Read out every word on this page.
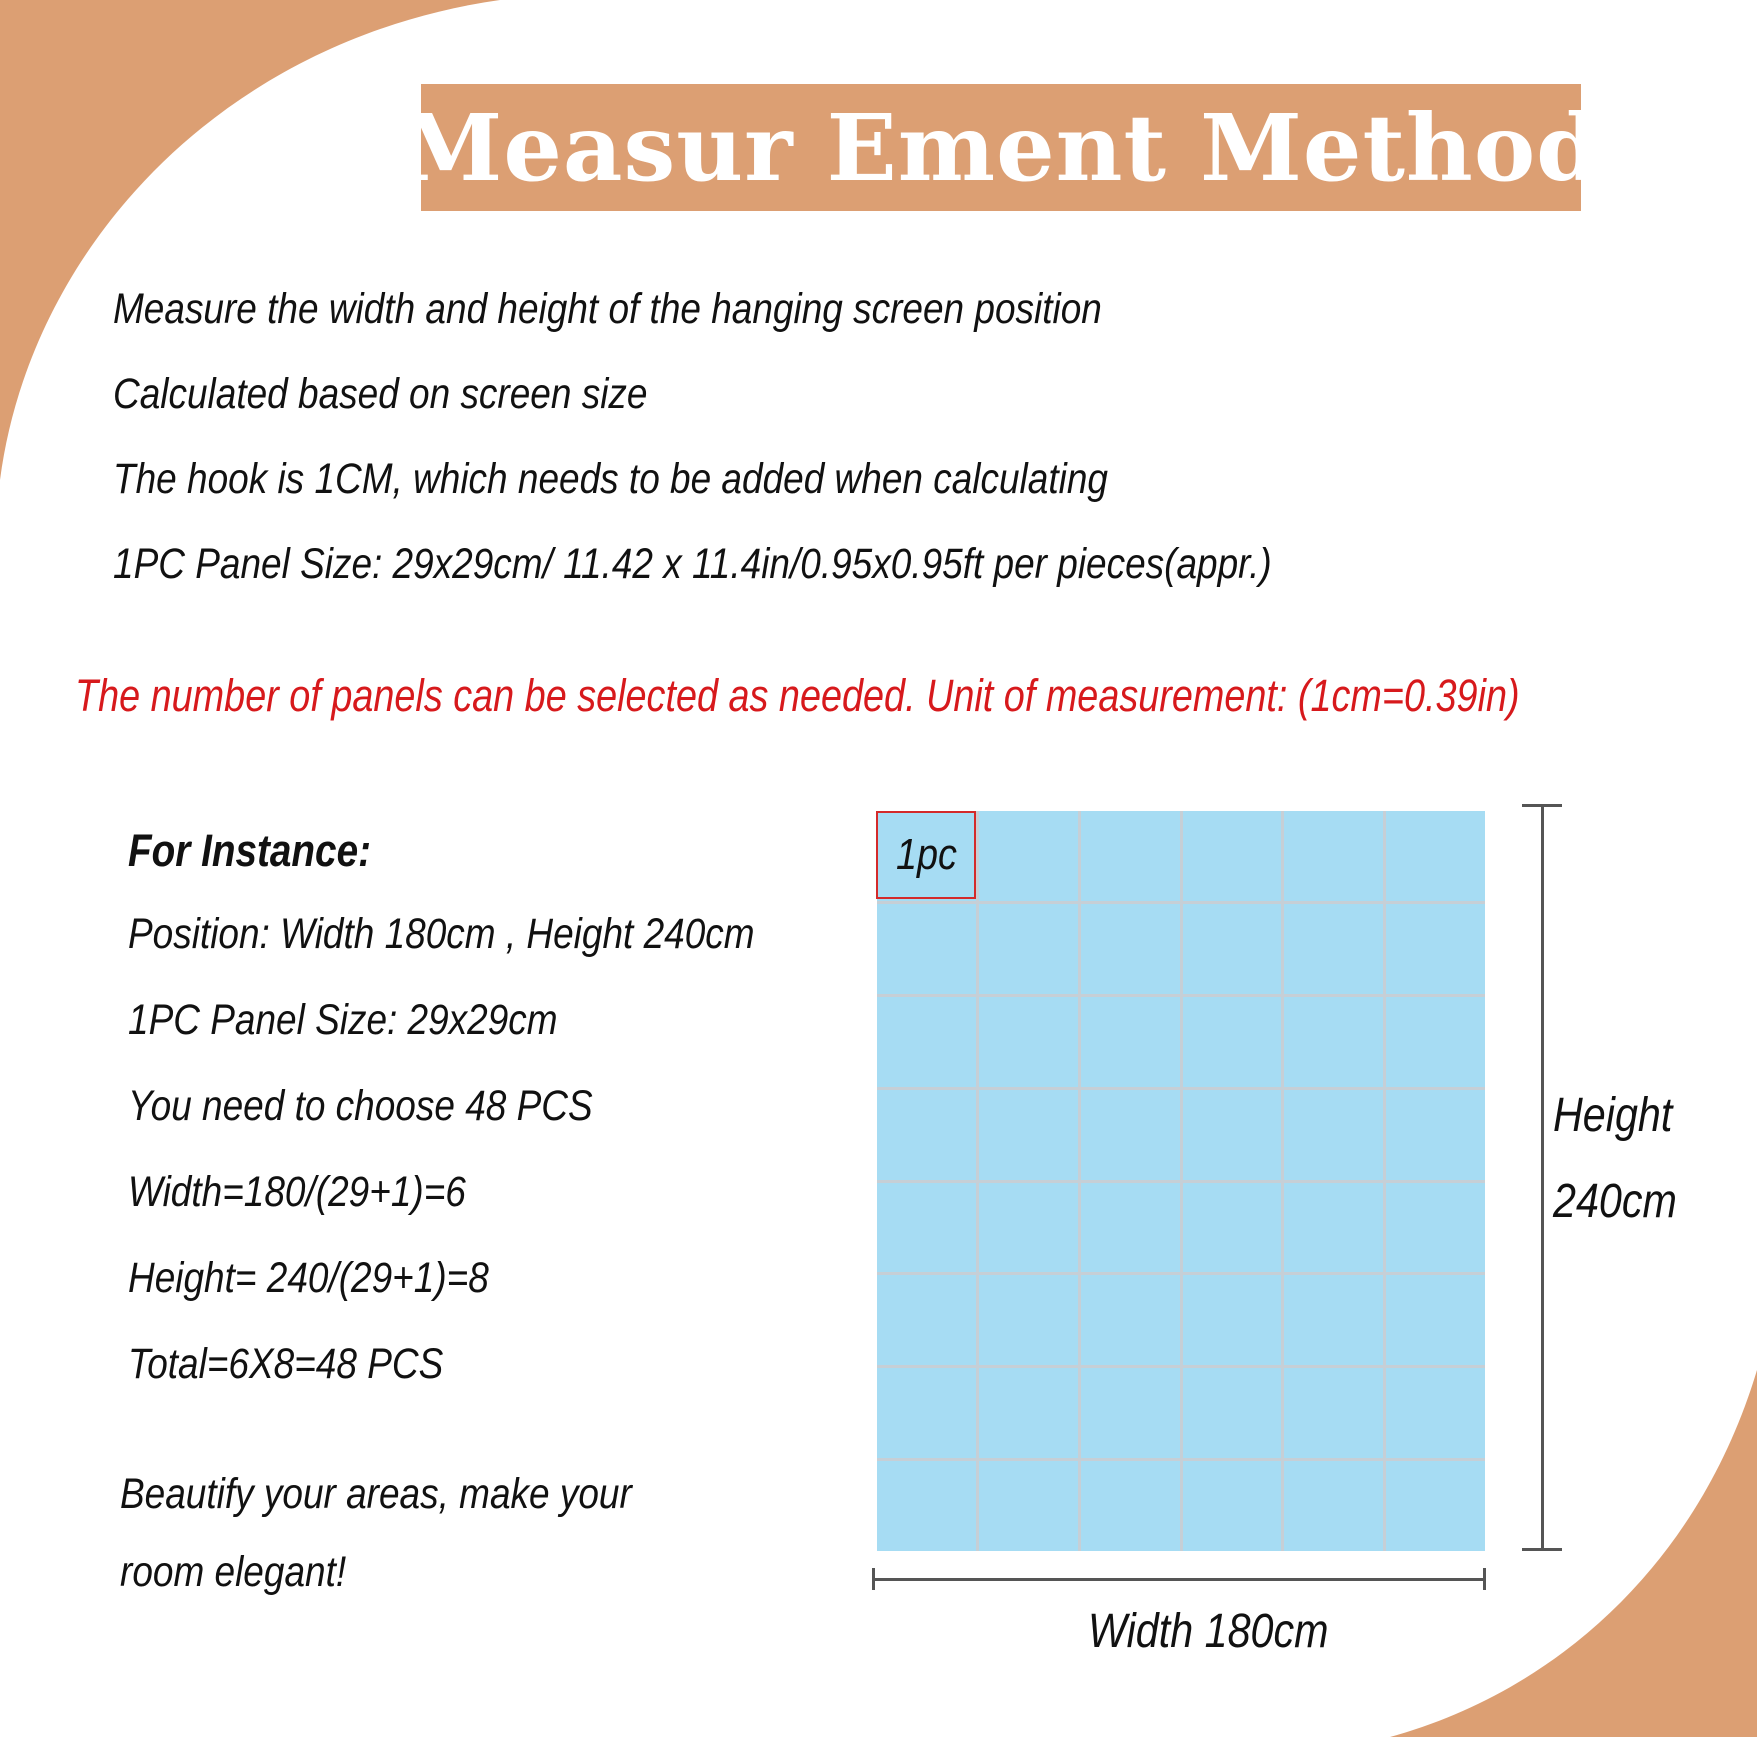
Measur Ement Method
Measure the width and height of the hanging screen position
Calculated based on screen size
The hook is 1CM, which needs to be added when calculating
1PC Panel Size: 29x29cm/ 11.42 x 11.4in/0.95x0.95ft per pieces(appr.)
The number of panels can be selected as needed. Unit of measurement: (1cm=0.39in)
For Instance:
Position: Width 180cm , Height 240cm
1PC Panel Size: 29x29cm
You need to choose 48 PCS
Width=180/(29+1)=6
Height= 240/(29+1)=8
Total=6X8=48 PCS
Beautify your areas, make your
room elegant!
1pc
Height
240cm
Width 180cm
